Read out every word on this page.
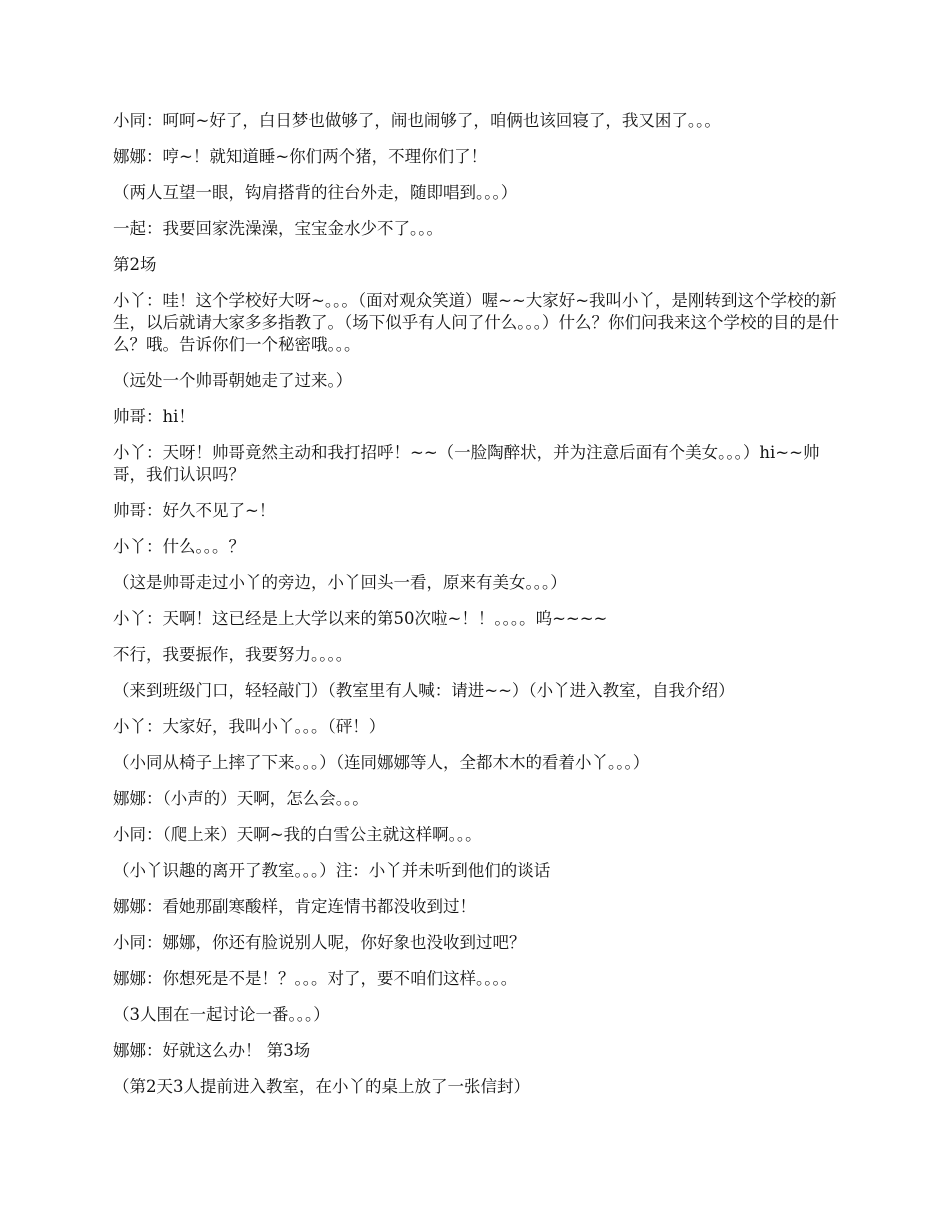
小同：呵呵~好了，白日梦也做够了，闹也闹够了，咱俩也该回寝了，我又困了。。。

娜娜：哼~！就知道睡~你们两个猪，不理你们了！

（两人互望一眼，钩肩搭背的往台外走，随即唱到。。。）

一起：我要回家洗澡澡，宝宝金水少不了。。。

第2场

小丫：哇！这个学校好大呀~。。。（面对观众笑道）喔~~大家好~我叫小丫，是刚转到这个学校的新生，以后就请大家多多指教了。（场下似乎有人问了什么。。。）什么？你们问我来这个学校的目的是什么？哦。告诉你们一个秘密哦。。。

（远处一个帅哥朝她走了过来。）

帅哥：hi！

小丫：天呀！帅哥竟然主动和我打招呼！~~（一脸陶醉状，并为注意后面有个美女。。。）hi~~帅哥，我们认识吗？

帅哥：好久不见了~！

小丫：什么。。。？

（这是帅哥走过小丫的旁边，小丫回头一看，原来有美女。。。）

小丫：天啊！这已经是上大学以来的第50次啦~！！。。。。呜~~~~

不行，我要振作，我要努力。。。。

（来到班级门口，轻轻敲门）（教室里有人喊：请进~~）（小丫进入教室，自我介绍）

小丫：大家好，我叫小丫。。。（砰！）

（小同从椅子上摔了下来。。。）（连同娜娜等人，全都木木的看着小丫。。。）

娜娜：（小声的）天啊，怎么会。。。

小同：（爬上来）天啊~我的白雪公主就这样啊。。。

（小丫识趣的离开了教室。。。）注：小丫并未听到他们的谈话

娜娜：看她那副寒酸样，肯定连情书都没收到过！

小同：娜娜，你还有脸说别人呢，你好象也没收到过吧？

娜娜：你想死是不是！？。。。对了，要不咱们这样。。。。

（3人围在一起讨论一番。。。）

娜娜：好就这么办！ 第3场

（第2天3人提前进入教室，在小丫的桌上放了一张信封）
